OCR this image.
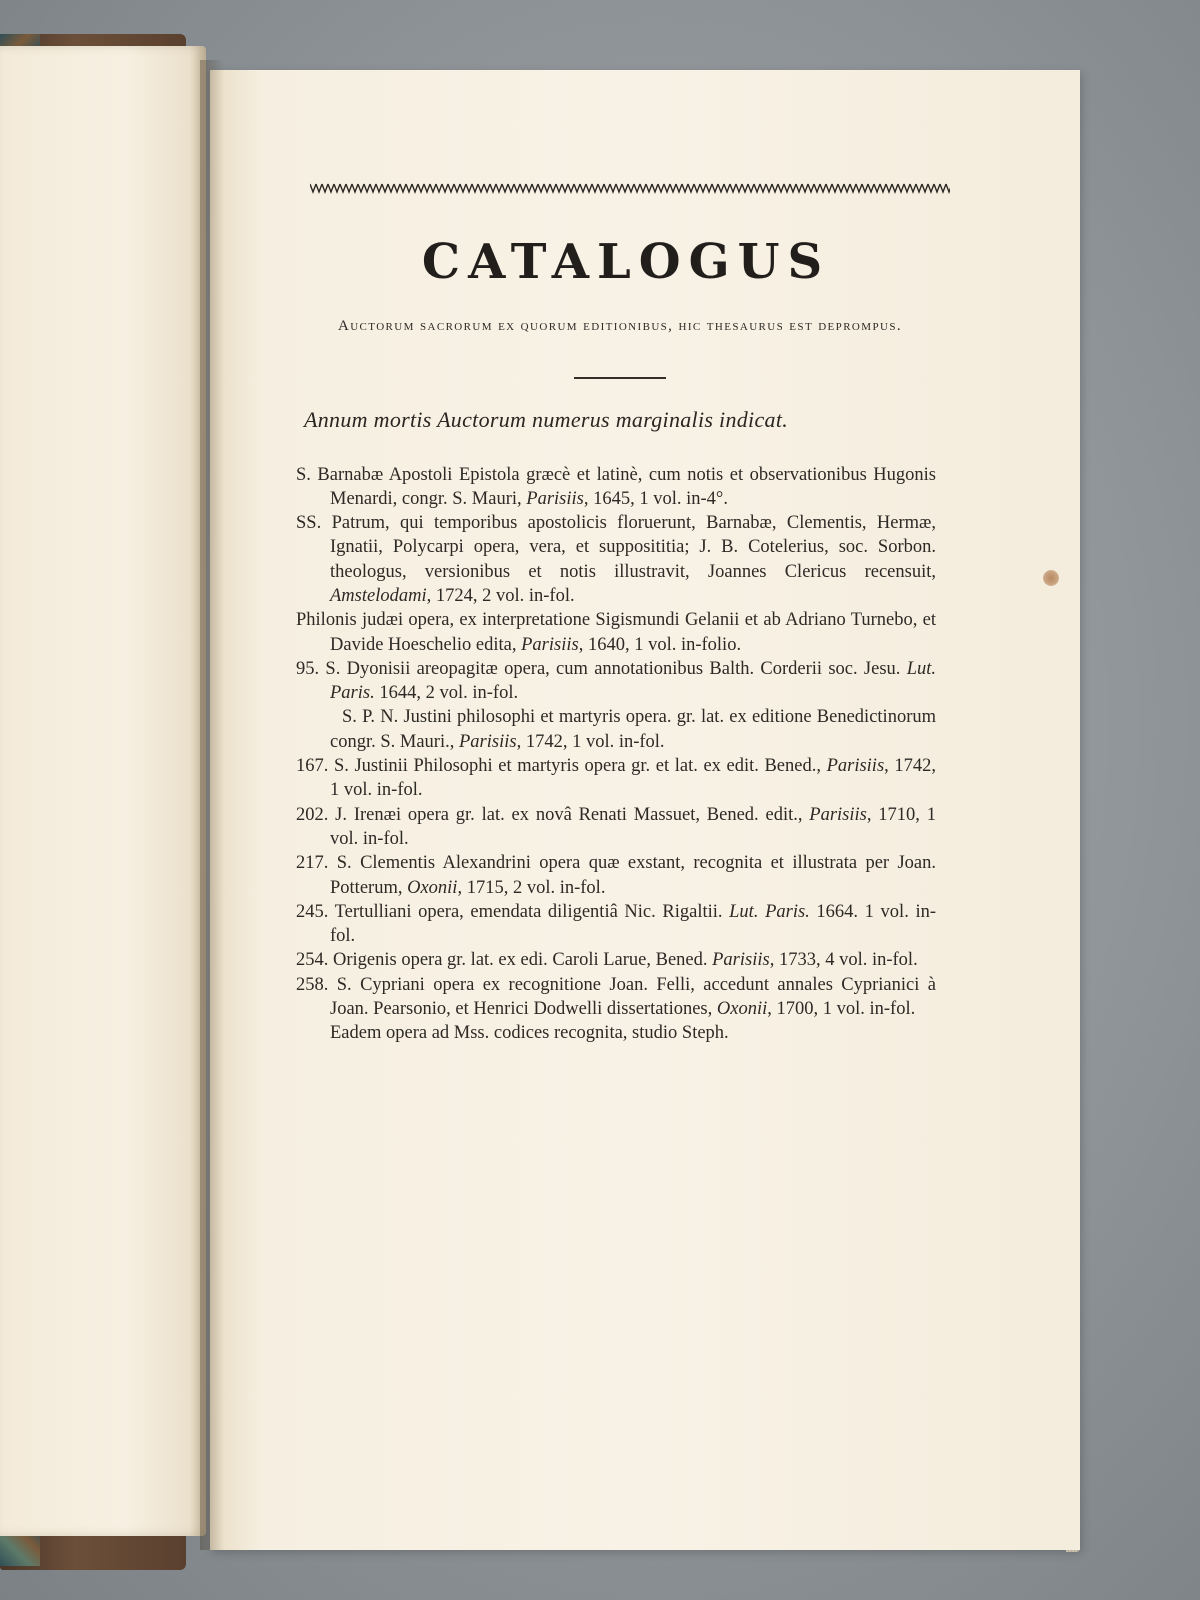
CATALOGUS
Auctorum sacrorum ex quorum editionibus, hic thesaurus est deprompus.
Annum mortis Auctorum numerus marginalis indicat.

S. Barnabæ Apostoli Epistola græcè et latinè, cum notis et observationibus Hugonis Menardi, congr. S. Mauri, Parisiis, 1645, 1 vol. in-4°.

SS. Patrum, qui temporibus apostolicis floruerunt, Barnabæ, Clementis, Hermæ, Ignatii, Polycarpi opera, vera, et supposititia; J. B. Cotelerius, soc. Sorbon. theologus, versionibus et notis illustravit, Joannes Clericus recensuit, Amstelodami, 1724, 2 vol. in-fol.

Philonis judæi opera, ex interpretatione Sigismundi Gelanii et ab Adriano Turnebo, et Davide Hoeschelio edita, Parisiis, 1640, 1 vol. in-folio.

95. S. Dyonisii areopagitæ opera, cum annotationibus Balth. Corderii soc. Jesu. Lut. Paris. 1644, 2 vol. in-fol.

S. P. N. Justini philosophi et martyris opera. gr. lat. ex editione Benedictinorum congr. S. Mauri., Parisiis, 1742, 1 vol. in-fol.

167. S. Justinii Philosophi et martyris opera gr. et lat. ex edit. Bened., Parisiis, 1742, 1 vol. in-fol.

202. J. Irenæi opera gr. lat. ex novâ Renati Massuet, Bened. edit., Parisiis, 1710, 1 vol. in-fol.

217. S. Clementis Alexandrini opera quæ exstant, recognita et illustrata per Joan. Potterum, Oxonii, 1715, 2 vol. in-fol.

245. Tertulliani opera, emendata diligentiâ Nic. Rigaltii. Lut. Paris. 1664. 1 vol. in-fol.

254. Origenis opera gr. lat. ex edi. Caroli Larue, Bened. Parisiis, 1733, 4 vol. in-fol.

258. S. Cypriani opera ex recognitione Joan. Felli, accedunt annales Cyprianici à Joan. Pearsonio, et Henrici Dodwelli dissertationes, Oxonii, 1700, 1 vol. in-fol.

Eadem opera ad Mss. codices recognita, studio Steph.
